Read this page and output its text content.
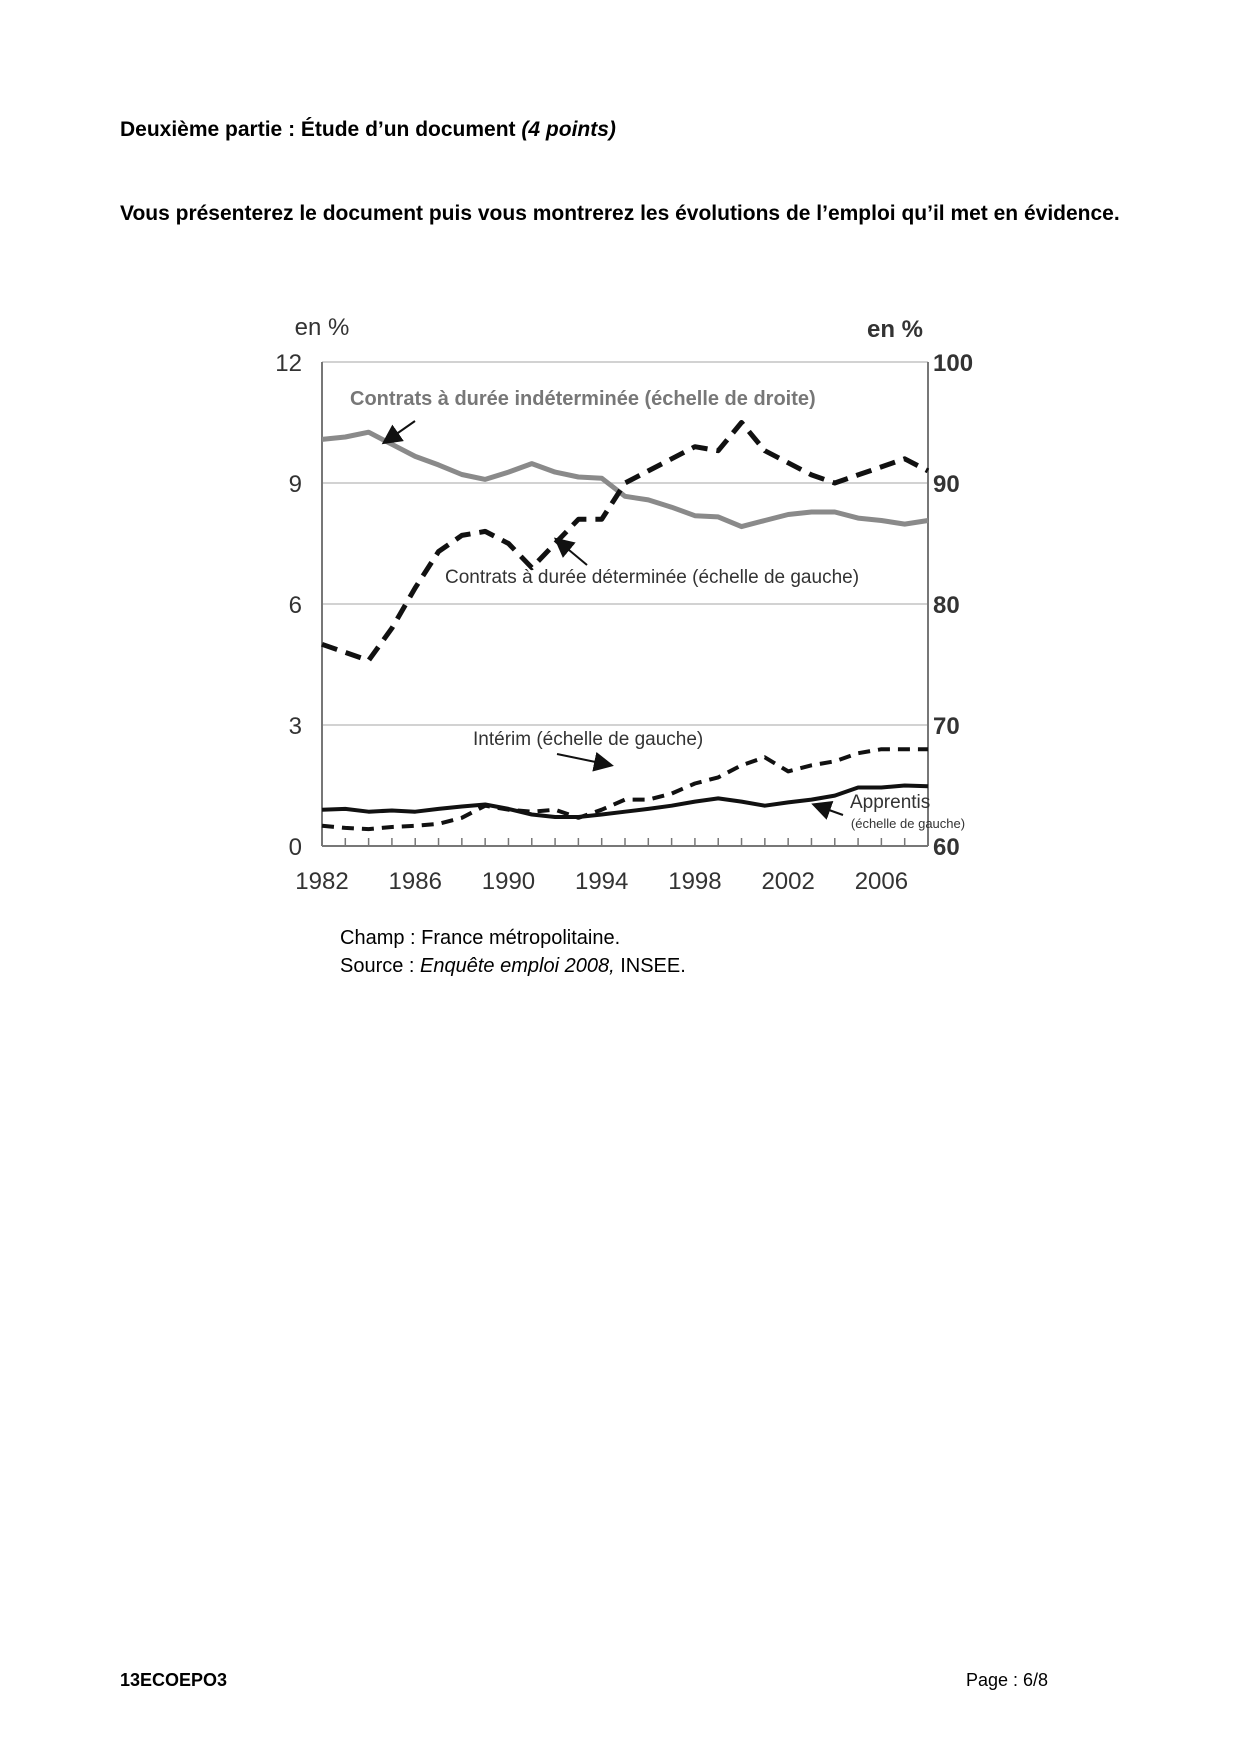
Deuxième partie : Étude d’un document (4 points)
Vous présenterez le document puis vous montrerez les évolutions de l’emploi qu’il met en évidence.
1982 1986 1990 1994 1998 2002 2006
0
3
6
9
12
60
70
80
90
100
en %	en %
Contrats à durée indéterminée (échelle de droite)
Contrats à durée déterminée (échelle de gauche)
Intérim (échelle de gauche)
Apprentis
(échelle de gauche)
Champ : France métropolitaine.
Source : Enquête emploi 2008, INSEE.
13ECOEPO3	Page : 6/8
